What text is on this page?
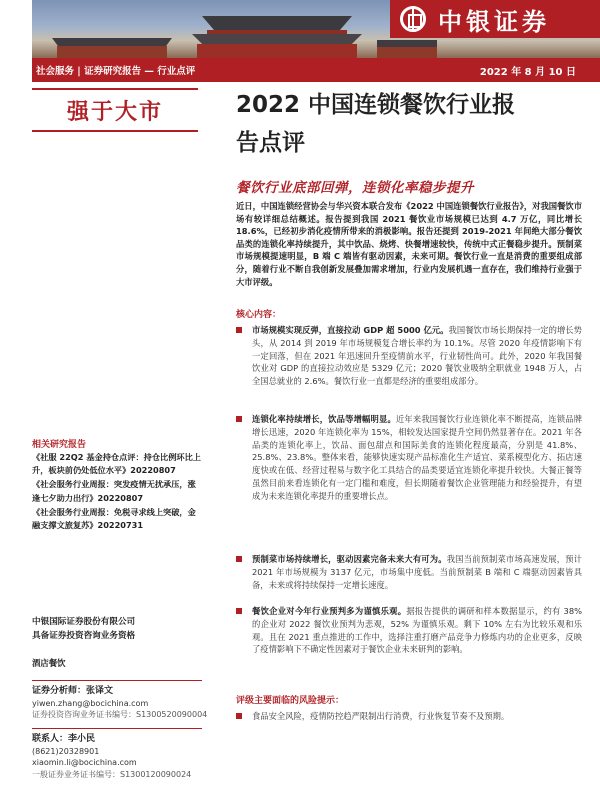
中银证券
社会服务 | 证券研究报告 — 行业点评	2022 年 8 月 10 日
强于大市
相关研究报告
《社服 22Q2 基金持仓点评：持仓比例环比上升，板块前仍处低位水平》20220807
《社会服务行业周报：突发疫情无扰承压，涨逢七夕助力出行》20220807
《社会服务行业周报：免税寻求线上突破，金融支撑文旅复苏》20220731
中银国际证券股份有限公司
具备证券投资咨询业务资格
酒店餐饮
证券分析师：张译文
yiwen.zhang@bocichina.com
证券投资咨询业务证书编号：S1300520090004
联系人：李小民
(8621)20328901
xiaomin.li@bocichina.com
一般证券业务证书编号：S1300120090024
2022 中国连锁餐饮行业报
告点评
餐饮行业底部回弹，连锁化率稳步提升
近日，中国连锁经营协会与华兴资本联合发布《2022 中国连锁餐饮行业报告》，对我国餐饮市场有较详细总结概述。报告提到我国 2021 餐饮业市场规模已达到 4.7 万亿，同比增长 18.6%，已经初步消化疫情所带来的消极影响。报告还提到 2019-2021 年间绝大部分餐饮品类的连锁化率持续提升，其中饮品、烧烤、快餐增速较快，传统中式正餐稳步提升。预制菜市场规模提速明显，B 端 C 端皆有驱动因素，未来可期。餐饮行业一直是消费的重要组成部分，随着行业不断自我创新发展叠加需求增加，行业内发展机遇一直存在，我们维持行业强于大市评级。
核心内容：
市场规模实现反弹，直接拉动 GDP 超 5000 亿元。我国餐饮市场长期保持一定的增长势头，从 2014 到 2019 年市场规模复合增长率约为 10.1%。尽管 2020 年疫情影响下有一定回落，但在 2021 年迅速回升至疫情前水平，行业韧性尚可。此外，2020 年我国餐饮业对 GDP 的直接拉动效应是 5329 亿元；2020 餐饮业吸纳全职就业 1948 万人，占全国总就业的 2.6%。餐饮行业一直都是经济的重要组成部分。
连锁化率持续增长，饮品等增幅明显。近年来我国餐饮行业连锁化率不断提高，连锁品牌增长迅速，2020 年连锁化率为 15%，相较发达国家提升空间仍然显著存在。2021 年各品类的连锁化率上，饮品、面包甜点和国际美食的连锁化程度最高，分别是 41.8%、25.8%、23.8%。整体来看，能够快速实现产品标准化生产适宜、菜系模型化方、拓店速度快或在低、经营过程易与数字化工具结合的品类要适宜连锁化率提升较快。大餐正餐等虽然目前来看连锁化有一定门槛和难度，但长期随着餐饮企业管理能力和经验提升，有望成为未来连锁化率提升的重要增长点。
预制菜市场持续增长，驱动因素完备未来大有可为。我国当前预制菜市场高速发展，预计 2021 年市场规模为 3137 亿元，市场集中度低。当前预制菜 B 端和 C 端驱动因素皆具备，未来或将持续保持一定增长速度。
餐饮企业对今年行业预判多为谨慎乐观。据报告提供的调研和样本数据显示，约有 38% 的企业对 2022 餐饮业预判为悲观，52% 为谨慎乐观。剩下 10% 左右为比较乐观和乐观。且在 2021 重点推进的工作中，选择注重打磨产品竞争力修炼内功的企业更多，反映了疫情影响下不确定性因素对于餐饮企业未来研判的影响。
评级主要面临的风险提示：
食品安全风险，疫情防控趋严限制出行消费，行业恢复节奏不及预期。
